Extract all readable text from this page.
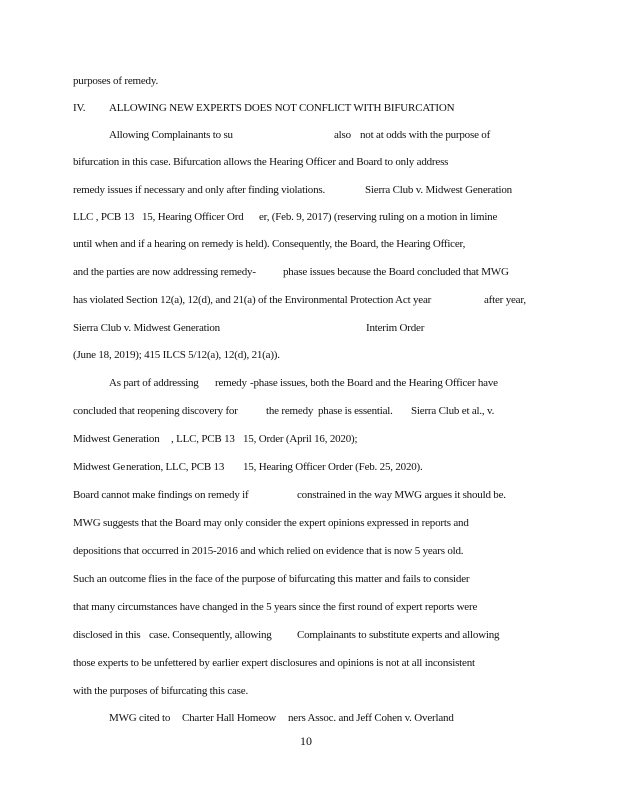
purposes of remedy.
IV. ALLOWING NEW EXPERTS DOES NOT CONFLICT WITH BIFURCATION
Allowing Complainants to su	also not at odds with the purpose of
bifurcation in this case. Bifurcation allows the Hearing Officer and Board to only address
remedy issues if necessary and only after finding violations.	Sierra Club v. Midwest Generation
LLC , PCB 13 15, Hearing Officer Ord er, (Feb. 9, 2017) (reserving ruling on a motion in limine
until when and if a hearing on remedy is held). Consequently, the Board, the Hearing Officer,
and the parties are now addressing remedy- phase issues because the Board concluded that MWG
has violated Section 12(a), 12(d), and 21(a) of the Environmental Protection Act year	after year,
Sierra Club v. Midwest Generation	Interim Order
(June 18, 2019); 415 ILCS 5/12(a), 12(d), 21(a)).
As part of addressing remedy -phase issues, both the Board and the Hearing Officer have
concluded that reopening discovery for	the remedy phase is essential. Sierra Club et al., v.
Midwest Generation , LLC, PCB 13 15, Order (April 16, 2020);
Midwest Ge neration, LLC, PCB 13 15, Hearing Officer Order (Feb. 25, 2020).
Board cannot make findings on remedy if	constrained in the way MWG argues it should be.
MWG suggests that the Board may only consider the expert opinions expressed in reports and
depositions that occurred in 2015-2016 and which relied on evidence that is now 5 years old.
Such an outcome flies in the face of the purpose of bifurcating this matter and fails to consider
that many circumstances have changed in the 5 years since the first round of expert reports were
disclosed in this case. Consequently, allowing Complainants to substitute experts and allowing
those experts to be unfettered by earlier expert disclosures and opinions is not at all inconsistent
with the purposes of bifurcating this case.
MWG cited to Charter Hall Homeow ners Assoc. and Jeff Cohen v. Overland
10
